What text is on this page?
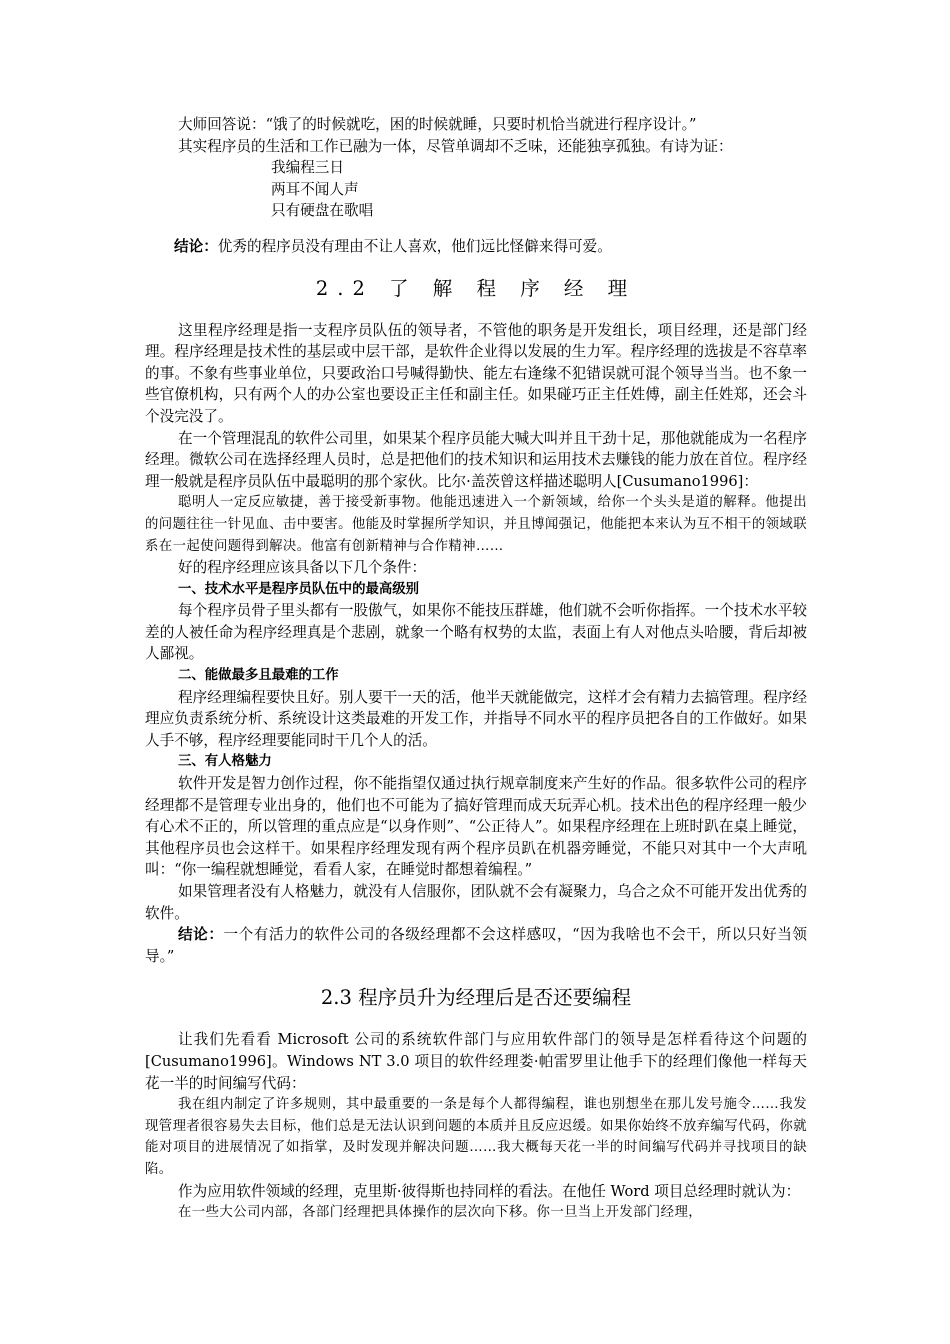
大师回答说：“饿了的时候就吃，困的时候就睡，只要时机恰当就进行程序设计。”

其实程序员的生活和工作已融为一体，尽管单调却不乏味，还能独享孤独。有诗为证：

我编程三日

两耳不闻人声

只有硬盘在歌唱

结论：优秀的程序员没有理由不让人喜欢，他们远比怪僻来得可爱。

2.2 了 解 程 序 经 理

这里程序经理是指一支程序员队伍的领导者，不管他的职务是开发组长，项目经理，还是部门经理。程序经理是技术性的基层或中层干部，是软件企业得以发展的生力军。程序经理的选拔是不容草率的事。不象有些事业单位，只要政治口号喊得勤快、能左右逢缘不犯错误就可混个领导当当。也不象一些官僚机构，只有两个人的办公室也要设正主任和副主任。如果碰巧正主任姓傅，副主任姓郑，还会斗个没完没了。

在一个管理混乱的软件公司里，如果某个程序员能大喊大叫并且干劲十足，那他就能成为一名程序经理。微软公司在选择经理人员时，总是把他们的技术知识和运用技术去赚钱的能力放在首位。程序经理一般就是程序员队伍中最聪明的那个家伙。比尔·盖茨曾这样描述聪明人[Cusumano1996]：

聪明人一定反应敏捷，善于接受新事物。他能迅速进入一个新领域，给你一个头头是道的解释。他提出的问题往往一针见血、击中要害。他能及时掌握所学知识，并且博闻强记，他能把本来认为互不相干的领域联系在一起使问题得到解决。他富有创新精神与合作精神……

好的程序经理应该具备以下几个条件：

一、技术水平是程序员队伍中的最高级别

每个程序员骨子里头都有一股傲气，如果你不能技压群雄，他们就不会听你指挥。一个技术水平较差的人被任命为程序经理真是个悲剧，就象一个略有权势的太监，表面上有人对他点头哈腰，背后却被人鄙视。

二、能做最多且最难的工作

程序经理编程要快且好。别人要干一天的活，他半天就能做完，这样才会有精力去搞管理。程序经理应负责系统分析、系统设计这类最难的开发工作，并指导不同水平的程序员把各自的工作做好。如果人手不够，程序经理要能同时干几个人的活。

三、有人格魅力

软件开发是智力创作过程，你不能指望仅通过执行规章制度来产生好的作品。很多软件公司的程序经理都不是管理专业出身的，他们也不可能为了搞好管理而成天玩弄心机。技术出色的程序经理一般少有心术不正的，所以管理的重点应是“以身作则”、“公正待人”。如果程序经理在上班时趴在桌上睡觉，其他程序员也会这样干。如果程序经理发现有两个程序员趴在机器旁睡觉，不能只对其中一个大声吼叫：“你一编程就想睡觉，看看人家，在睡觉时都想着编程。”

如果管理者没有人格魅力，就没有人信服你，团队就不会有凝聚力，乌合之众不可能开发出优秀的软件。

结论：一个有活力的软件公司的各级经理都不会这样感叹，“因为我啥也不会干，所以只好当领导。”

2.3 程序员升为经理后是否还要编程

让我们先看看 Microsoft 公司的系统软件部门与应用软件部门的领导是怎样看待这个问题的[Cusumano1996]。Windows NT 3.0 项目的软件经理娄·帕雷罗里让他手下的经理们像他一样每天花一半的时间编写代码：

我在组内制定了许多规则，其中最重要的一条是每个人都得编程，谁也别想坐在那儿发号施令……我发现管理者很容易失去目标，他们总是无法认识到问题的本质并且反应迟缓。如果你始终不放弃编写代码，你就能对项目的进展情况了如指掌，及时发现并解决问题……我大概每天花一半的时间编写代码并寻找项目的缺陷。

作为应用软件领域的经理，克里斯·彼得斯也持同样的看法。在他任 Word 项目总经理时就认为：

在一些大公司内部，各部门经理把具体操作的层次向下移。你一旦当上开发部门经理，
